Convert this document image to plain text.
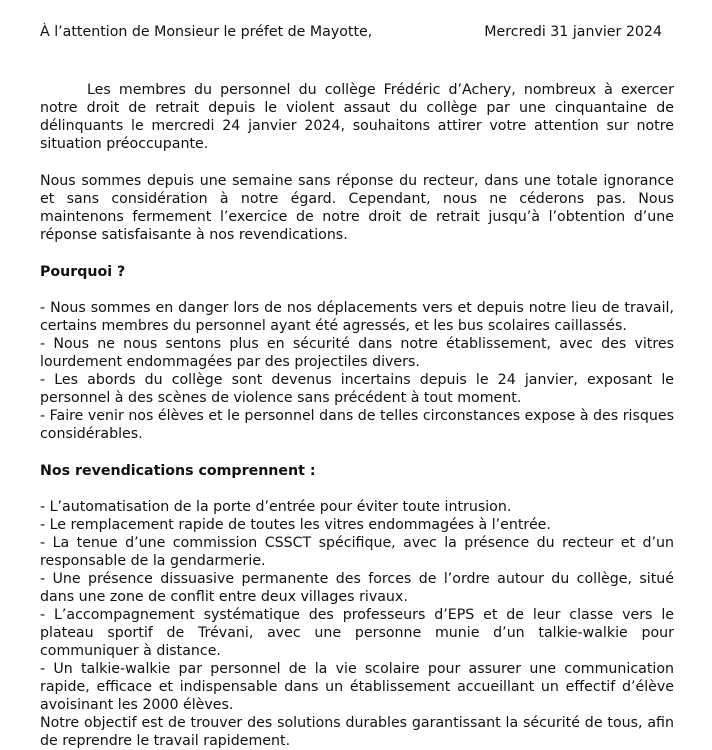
À l’attention de Monsieur le préfet de Mayotte,	Mercredi 31 janvier 2024

Les membres du personnel du collège Frédéric d’Achery, nombreux à exercer notre droit de retrait depuis le violent assaut du collège par une cinquantaine de délinquants le mercredi 24 janvier 2024, souhaitons attirer votre attention sur notre situation préoccupante.

Nous sommes depuis une semaine sans réponse du recteur, dans une totale ignorance et sans considération à notre égard. Cependant, nous ne céderons pas. Nous maintenons fermement l’exercice de notre droit de retrait jusqu’à l’obtention d’une réponse satisfaisante à nos revendications.

Pourquoi ?
- Nous sommes en danger lors de nos déplacements vers et depuis notre lieu de travail, certains membres du personnel ayant été agressés, et les bus scolaires caillassés.
- Nous ne nous sentons plus en sécurité dans notre établissement, avec des vitres lourdement endommagées par des projectiles divers.
- Les abords du collège sont devenus incertains depuis le 24 janvier, exposant le personnel à des scènes de violence sans précédent à tout moment.
- Faire venir nos élèves et le personnel dans de telles circonstances expose à des risques considérables.
Nos revendications comprennent :
- L’automatisation de la porte d’entrée pour éviter toute intrusion.
- Le remplacement rapide de toutes les vitres endommagées à l’entrée.
- La tenue d’une commission CSSCT spécifique, avec la présence du recteur et d’un responsable de la gendarmerie.
- Une présence dissuasive permanente des forces de l’ordre autour du collège, situé dans une zone de conflit entre deux villages rivaux.
- L’accompagnement systématique des professeurs d’EPS et de leur classe vers le plateau sportif de Trévani, avec une personne munie d’un talkie-walkie pour communiquer à distance.
- Un talkie-walkie par personnel de la vie scolaire pour assurer une communication rapide, efficace et indispensable dans un établissement accueillant un effectif d’élève avoisinant les 2000 élèves.

Notre objectif est de trouver des solutions durables garantissant la sécurité de tous, afin de reprendre le travail rapidement.
